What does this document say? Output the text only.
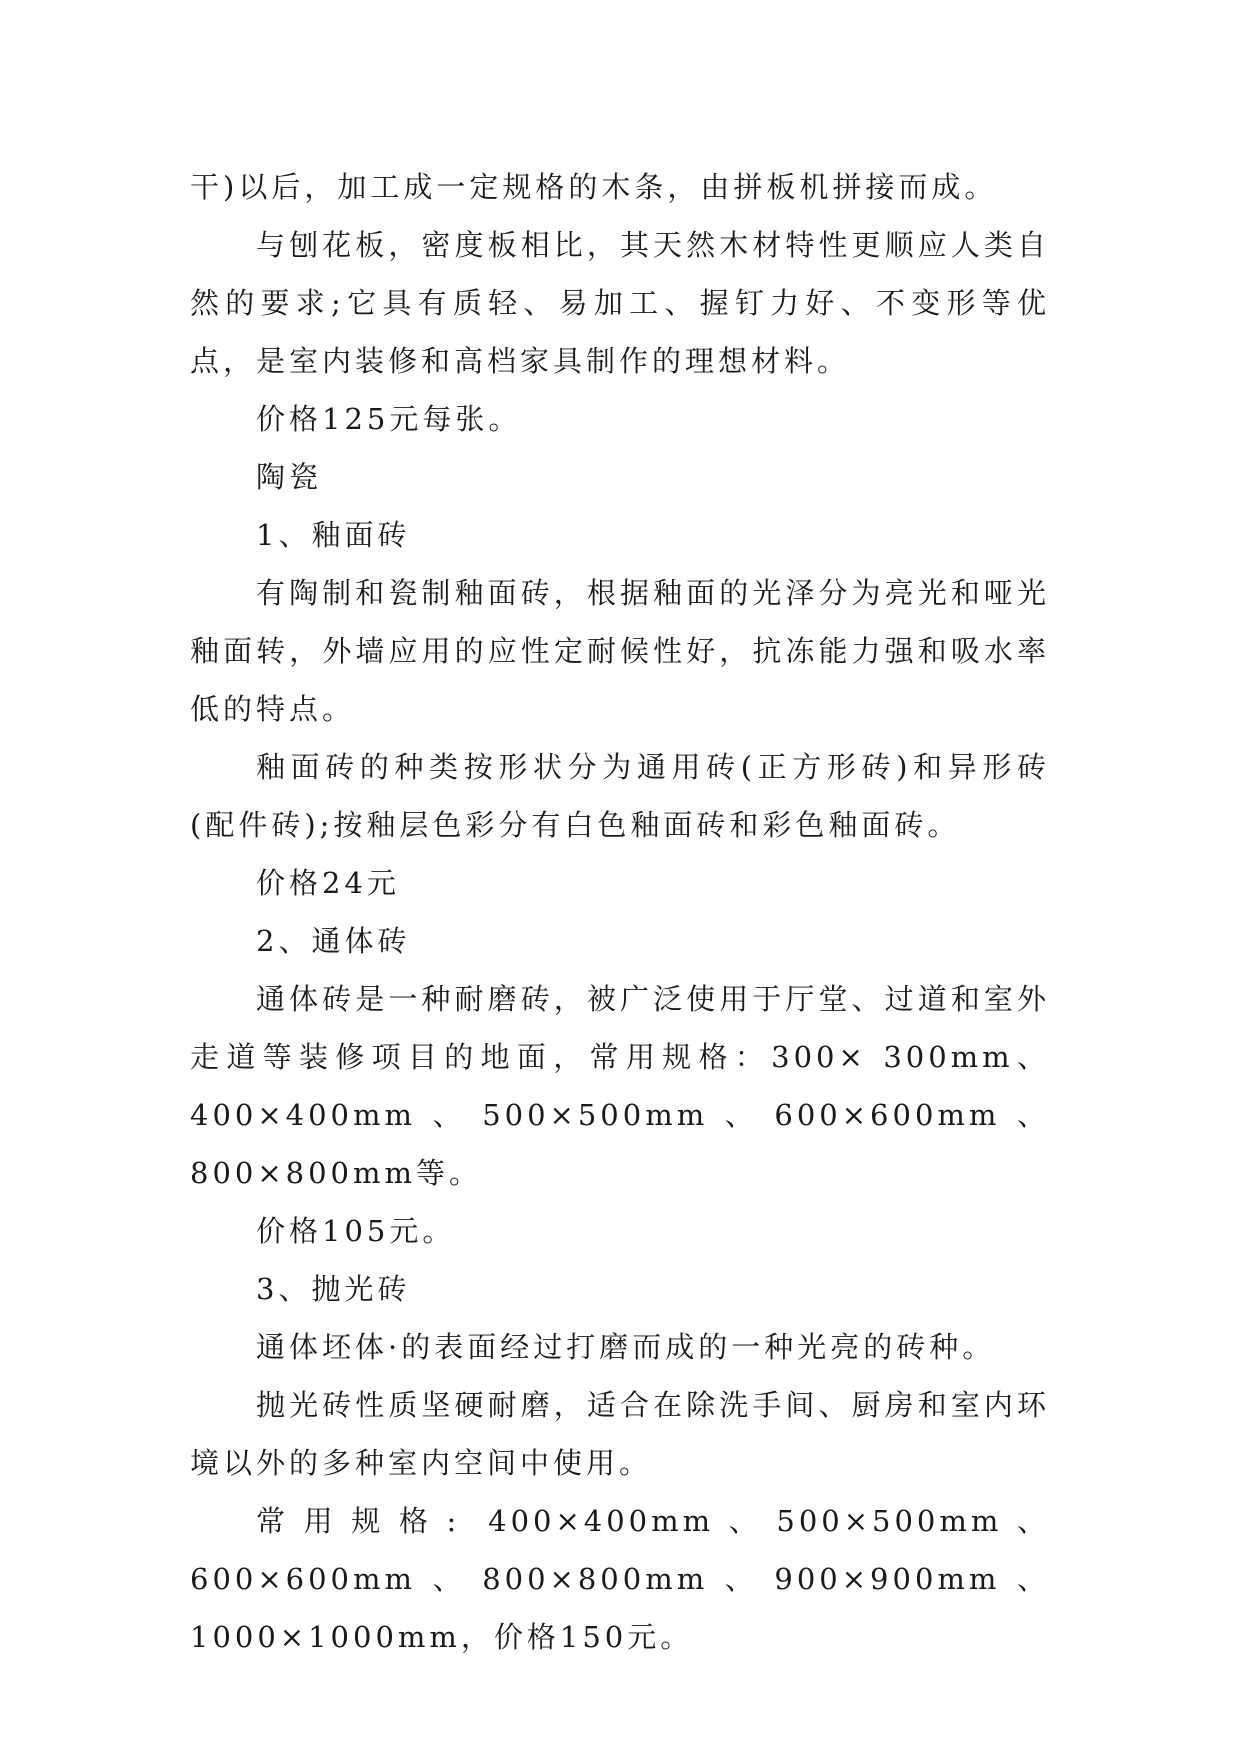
干)以后，加工成一定规格的木条，由拼板机拼接而成。

与刨花板，密度板相比，其天然木材特性更顺应人类自然的要求;它具有质轻、易加工、握钉力好、不变形等优点，是室内装修和高档家具制作的理想材料。

价格125元每张。

陶瓷

1、釉面砖

有陶制和瓷制釉面砖，根据釉面的光泽分为亮光和哑光釉面转，外墙应用的应性定耐候性好，抗冻能力强和吸水率低的特点。

釉面砖的种类按形状分为通用砖(正方形砖)和异形砖(配件砖);按釉层色彩分有白色釉面砖和彩色釉面砖。

价格24元

2、通体砖

通体砖是一种耐磨砖，被广泛使用于厅堂、过道和室外走道等装修项目的地面，常用规格：300× 300mm、400×400mm、500×500mm、600×600mm、800×800mm等。

价格105元。

3、抛光砖

通体坯体·的表面经过打磨而成的一种光亮的砖种。

抛光砖性质坚硬耐磨，适合在除洗手间、厨房和室内环境以外的多种室内空间中使用。

常用规格: 400×400mm、500×500mm、600×600mm、800×800mm、900×900mm、1000×1000mm，价格150元。
